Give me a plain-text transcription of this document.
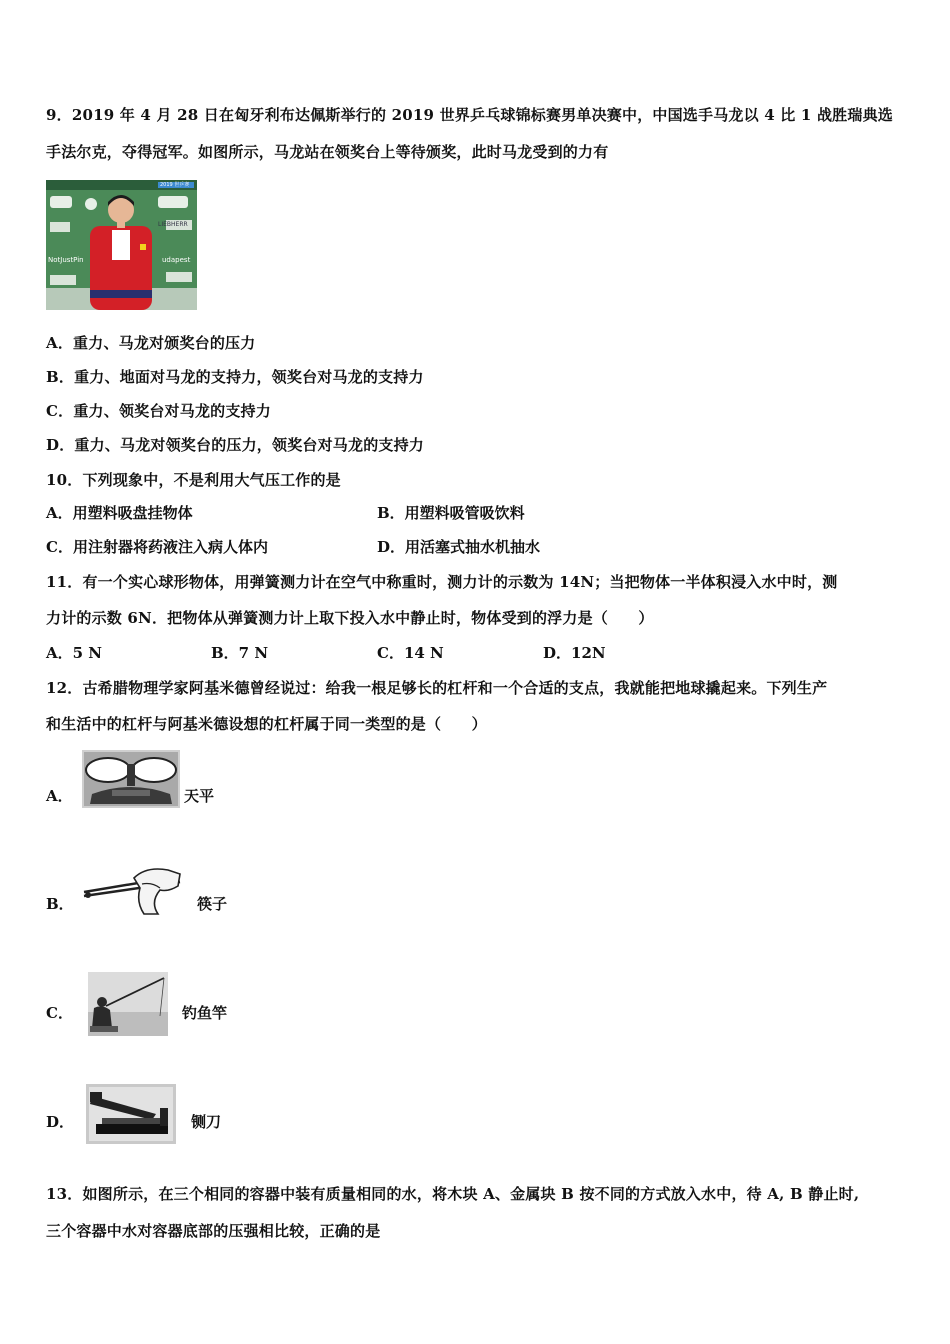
9．2019 年 4 月 28 日在匈牙利布达佩斯举行的 2019 世界乒乓球锦标赛男单决赛中，中国选手马龙以 4 比 1 战胜瑞典选
手法尔克，夺得冠军。如图所示，马龙站在领奖台上等待颁奖，此时马龙受到的力有
2019 世乒赛
LIEBHERR
NotJustPin	udapest
A．重力、马龙对颁奖台的压力
B．重力、地面对马龙的支持力，领奖台对马龙的支持力
C．重力、领奖台对马龙的支持力
D．重力、马龙对领奖台的压力，领奖台对马龙的支持力
10．下列现象中，不是利用大气压工作的是
A．用塑料吸盘挂物体	B．用塑料吸管吸饮料
C．用注射器将药液注入病人体内	D．用活塞式抽水机抽水
11．有一个实心球形物体，用弹簧测力计在空气中称重时，测力计的示数为 14N；当把物体一半体积浸入水中时，测
力计的示数 6N．把物体从弹簧测力计上取下投入水中静止时，物体受到的浮力是（　　）
A．5 N	B．7 N	C．14 N	D．12N
12．古希腊物理学家阿基米德曾经说过：给我一根足够长的杠杆和一个合适的支点，我就能把地球撬起来。下列生产
和生活中的杠杆与阿基米德设想的杠杆属于同一类型的是（　　）
A．	天平
B．	筷子
C．	钓鱼竿
D．	铡刀
13．如图所示，在三个相同的容器中装有质量相同的水，将木块 A、金属块 B 按不同的方式放入水中，待 A, B 静止时,
三个容器中水对容器底部的压强相比较，正确的是
